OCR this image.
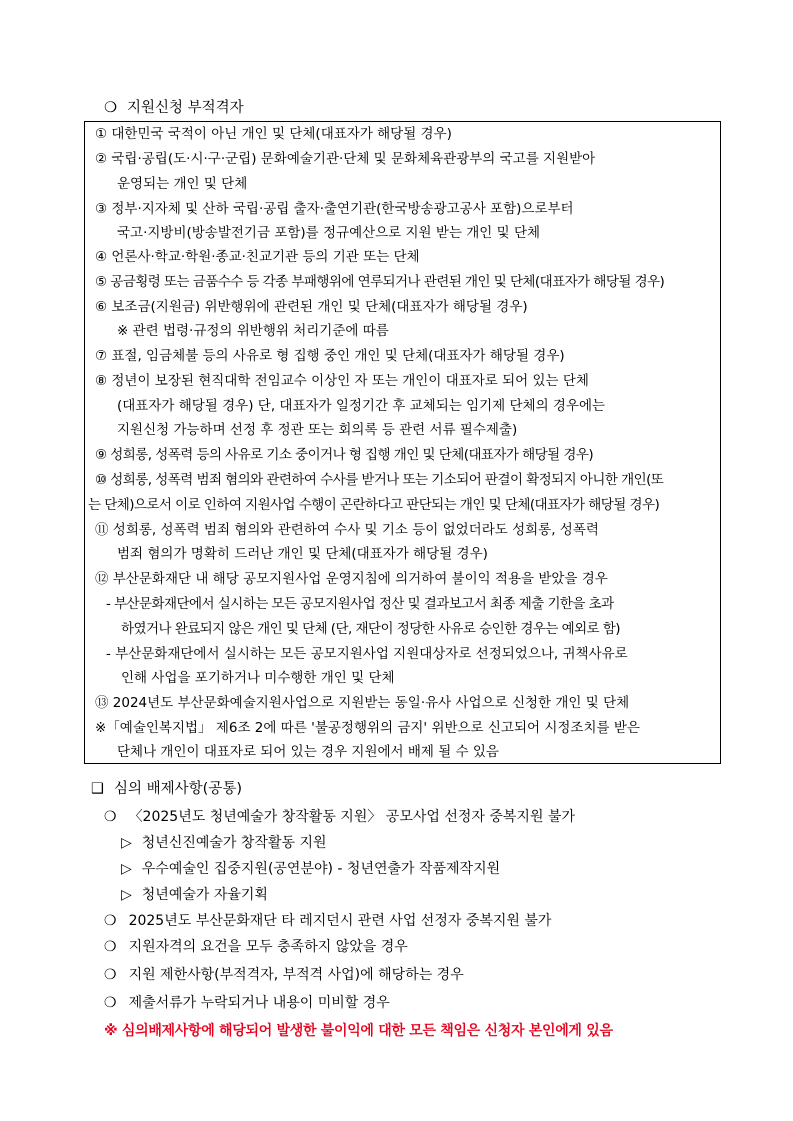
❍ 지원신청 부적격자
① 대한민국 국적이 아닌 개인 및 단체(대표자가 해당될 경우)
② 국립·공립(도·시·구·군립) 문화예술기관·단체 및 문화체육관광부의 국고를 지원받아
운영되는 개인 및 단체
③ 정부·지자체 및 산하 국립·공립 출자·출연기관(한국방송광고공사 포함)으로부터
국고·지방비(방송발전기금 포함)를 정규예산으로 지원 받는 개인 및 단체
④ 언론사·학교·학원·종교·친교기관 등의 기관 또는 단체
⑤ 공금횡령 또는 금품수수 등 각종 부패행위에 연루되거나 관련된 개인 및 단체(대표자가 해당될 경우)
⑥ 보조금(지원금) 위반행위에 관련된 개인 및 단체(대표자가 해당될 경우)
※ 관련 법령·규정의 위반행위 처리기준에 따름
⑦ 표절, 임금체불 등의 사유로 형 집행 중인 개인 및 단체(대표자가 해당될 경우)
⑧ 정년이 보장된 현직대학 전임교수 이상인 자 또는 개인이 대표자로 되어 있는 단체
(대표자가 해당될 경우) 단, 대표자가 일정기간 후 교체되는 임기제 단체의 경우에는
지원신청 가능하며 선정 후 정관 또는 회의록 등 관련 서류 필수제출)
⑨ 성희롱, 성폭력 등의 사유로 기소 중이거나 형 집행 개인 및 단체(대표자가 해당될 경우)
⑩ 성희롱, 성폭력 범죄 혐의와 관련하여 수사를 받거나 또는 기소되어 판결이 확정되지 아니한 개인(또
는 단체)으로서 이로 인하여 지원사업 수행이 곤란하다고 판단되는 개인 및 단체(대표자가 해당될 경우)
⑪ 성희롱, 성폭력 범죄 혐의와 관련하여 수사 및 기소 등이 없었더라도 성희롱, 성폭력
범죄 혐의가 명확히 드러난 개인 및 단체(대표자가 해당될 경우)
⑫ 부산문화재단 내 해당 공모지원사업 운영지침에 의거하여 불이익 적용을 받았을 경우
- 부산문화재단에서 실시하는 모든 공모지원사업 정산 및 결과보고서 최종 제출 기한을 초과
하였거나 완료되지 않은 개인 및 단체 (단, 재단이 정당한 사유로 승인한 경우는 예외로 함)
- 부산문화재단에서 실시하는 모든 공모지원사업 지원대상자로 선정되었으나, 귀책사유로
인해 사업을 포기하거나 미수행한 개인 및 단체
⑬ 2024년도 부산문화예술지원사업으로 지원받는 동일·유사 사업으로 신청한 개인 및 단체
※「예술인복지법」 제6조 2에 따른 '불공정행위의 금지' 위반으로 신고되어 시정조치를 받은
단체나 개인이 대표자로 되어 있는 경우 지원에서 배제 될 수 있음
❑ 심의 배제사항(공통)
❍ 〈2025년도 청년예술가 창작활동 지원〉 공모사업 선정자 중복지원 불가
▷ 청년신진예술가 창작활동 지원
▷ 우수예술인 집중지원(공연분야) - 청년연출가 작품제작지원
▷ 청년예술가 자율기획
❍ 2025년도 부산문화재단 타 레지던시 관련 사업 선정자 중복지원 불가
❍ 지원자격의 요건을 모두 충족하지 않았을 경우
❍ 지원 제한사항(부적격자, 부적격 사업)에 해당하는 경우
❍ 제출서류가 누락되거나 내용이 미비할 경우
※ 심의배제사항에 해당되어 발생한 불이익에 대한 모든 책임은 신청자 본인에게 있음
